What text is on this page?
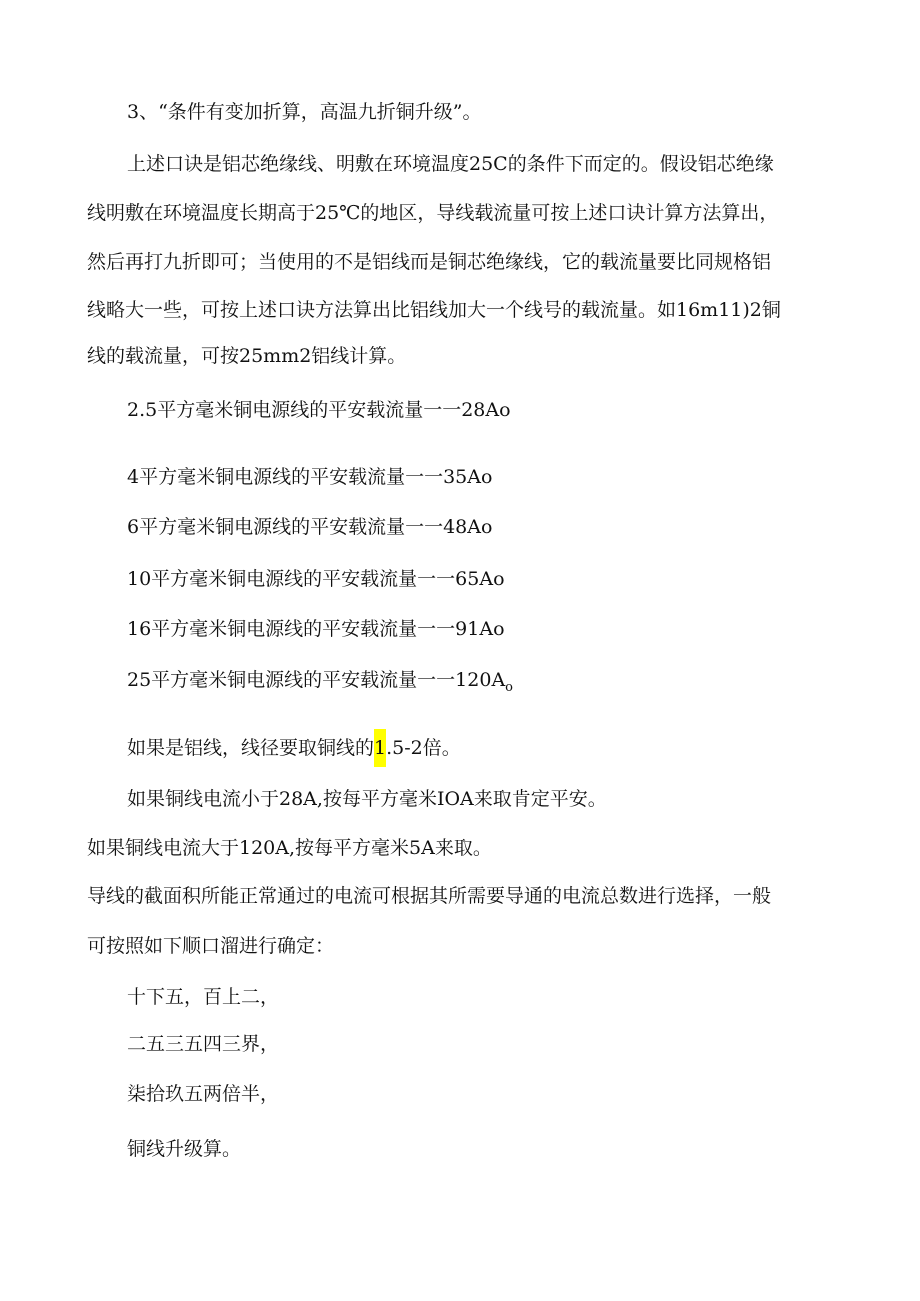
3、“条件有变加折算，高温九折铜升级”。
上述口诀是铝芯绝缘线、明敷在环境温度25C的条件下而定的。假设铝芯绝缘
线明敷在环境温度长期高于25℃的地区，导线载流量可按上述口诀计算方法算出，
然后再打九折即可；当使用的不是铝线而是铜芯绝缘线，它的载流量要比同规格铝
线略大一些，可按上述口诀方法算出比铝线加大一个线号的载流量。如16m11)2铜
线的载流量，可按25mm2铝线计算。
2.5平方毫米铜电源线的平安载流量一一28Ao
4平方毫米铜电源线的平安载流量一一35Ao
6平方毫米铜电源线的平安载流量一一48Ao
10平方毫米铜电源线的平安载流量一一65Ao
16平方毫米铜电源线的平安载流量一一91Ao
25平方毫米铜电源线的平安载流量一一$120A_o$
如果是铝线，线径要取铜线的1.5-2倍。
如果铜线电流小于28A,按每平方毫米IOA来取肯定平安。
如果铜线电流大于120A,按每平方毫米5A来取。
导线的截面积所能正常通过的电流可根据其所需要导通的电流总数进行选择，一般
可按照如下顺口溜进行确定：
十下五，百上二，
二五三五四三界，
柒拾玖五两倍半，
铜线升级算。
